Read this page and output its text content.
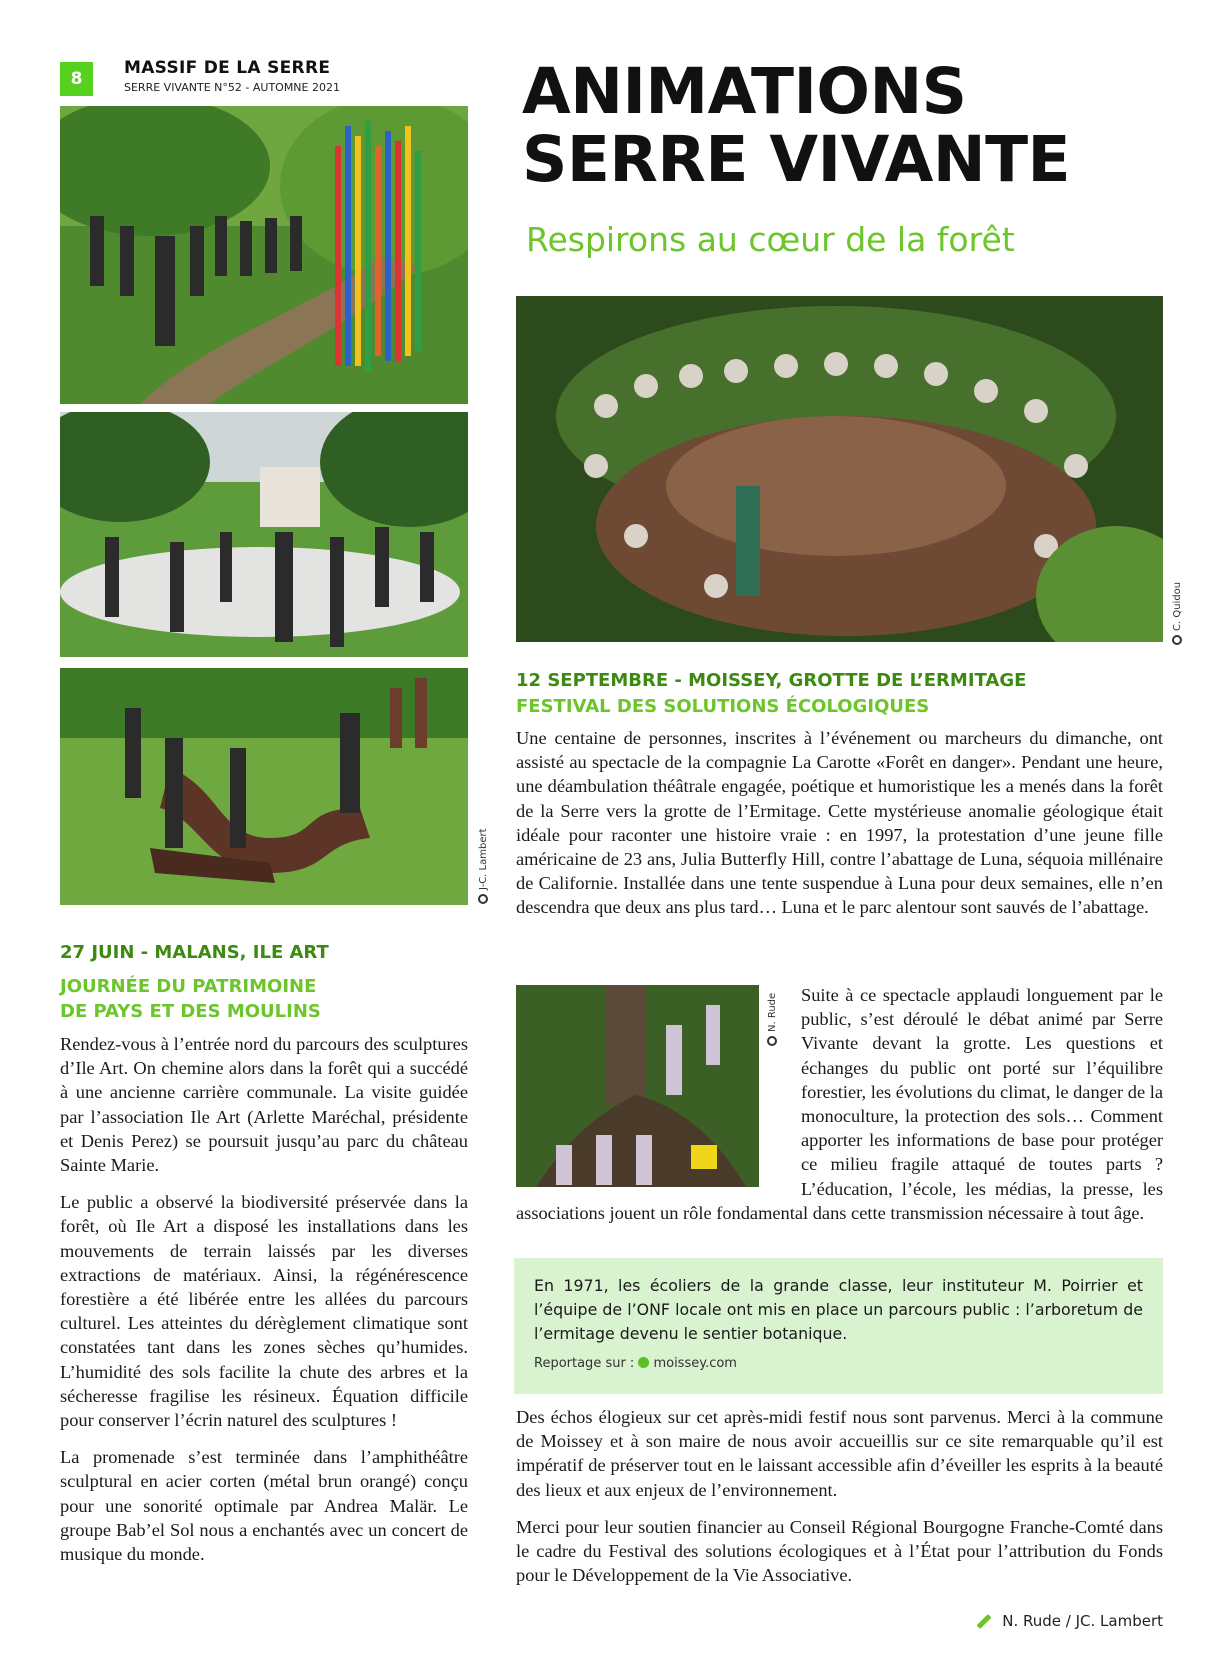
8
MASSIF DE LA SERRE
SERRE VIVANTE N°52 - AUTOMNE 2021
J-C. Lambert
ANIMATIONS
SERRE VIVANTE
Respirons au cœur de la forêt
C. Quidou
12 SEPTEMBRE - MOISSEY, GROTTE DE L’ERMITAGE
FESTIVAL DES SOLUTIONS ÉCOLOGIQUES
Une centaine de personnes, inscrites à l’événement ou marcheurs du dimanche, ont assisté au spectacle de la compagnie La Carotte «Forêt en danger». Pendant une heure, une déambulation théâtrale engagée, poétique et humoristique les a menés dans la forêt de la Serre vers la grotte de l’Ermitage. Cette mystérieuse anomalie géologique était idéale pour raconter une histoire vraie : en 1997, la protestation d’une jeune fille américaine de 23 ans, Julia Butterfly Hill, contre l’abattage de Luna, séquoia millénaire de Californie. Installée dans une tente suspendue à Luna pour deux semaines, elle n’en descendra que deux ans plus tard… Luna et le parc alentour sont sauvés de l’abattage.
N. Rude	Suite à ce spectacle applaudi longuement par le public, s’est déroulé le débat animé par Serre Vivante devant la grotte. Les questions et échanges du public ont porté sur l’équilibre forestier, les évolutions du climat, le danger de la monoculture, la protection des sols… Comment apporter les informations de base pour protéger ce milieu fragile attaqué de toutes parts ? L’éducation, l’école, les médias, la presse, les associations jouent un rôle fondamental dans cette transmission nécessaire à tout âge.
En 1971, les écoliers de la grande classe, leur instituteur M. Poirrier et l’équipe de l’ONF locale ont mis en place un parcours public : l’arboretum de l’ermitage devenu le sentier botanique.
Reportage sur : moissey.com

Des échos élogieux sur cet après-midi festif nous sont parvenus. Merci à la commune de Moissey et à son maire de nous avoir accueillis sur ce site remarquable qu’il est impératif de préserver tout en le laissant accessible afin d’éveiller les esprits à la beauté des lieux et aux enjeux de l’environnement.

Merci pour leur soutien financier au Conseil Régional Bourgogne Franche-Comté dans le cadre du Festival des solutions écologiques et à l’État pour l’attribution du Fonds pour le Développement de la Vie Associative.

27 JUIN - MALANS, ILE ART
JOURNÉE DU PATRIMOINE
DE PAYS ET DES MOULINS

Rendez-vous à l’entrée nord du parcours des sculptures d’Ile Art. On chemine alors dans la forêt qui a succédé à une ancienne carrière communale. La visite guidée par l’association Ile Art (Arlette Maréchal, présidente et Denis Perez) se poursuit jusqu’au parc du château Sainte Marie.

Le public a observé la biodiversité préservée dans la forêt, où Ile Art a disposé les installations dans les mouvements de terrain laissés par les diverses extractions de matériaux. Ainsi, la régénérescence forestière a été libérée entre les allées du parcours culturel. Les atteintes du dérèglement climatique sont constatées tant dans les zones sèches qu’humides. L’humidité des sols facilite la chute des arbres et la sécheresse fragilise les résineux. Équation difficile pour conserver l’écrin naturel des sculptures !

La promenade s’est terminée dans l’amphithéâtre sculptural en acier corten (métal brun orangé) conçu pour une sonorité optimale par Andrea Malär. Le groupe Bab’el Sol nous a enchantés avec un concert de musique du monde.

N. Rude / JC. Lambert
